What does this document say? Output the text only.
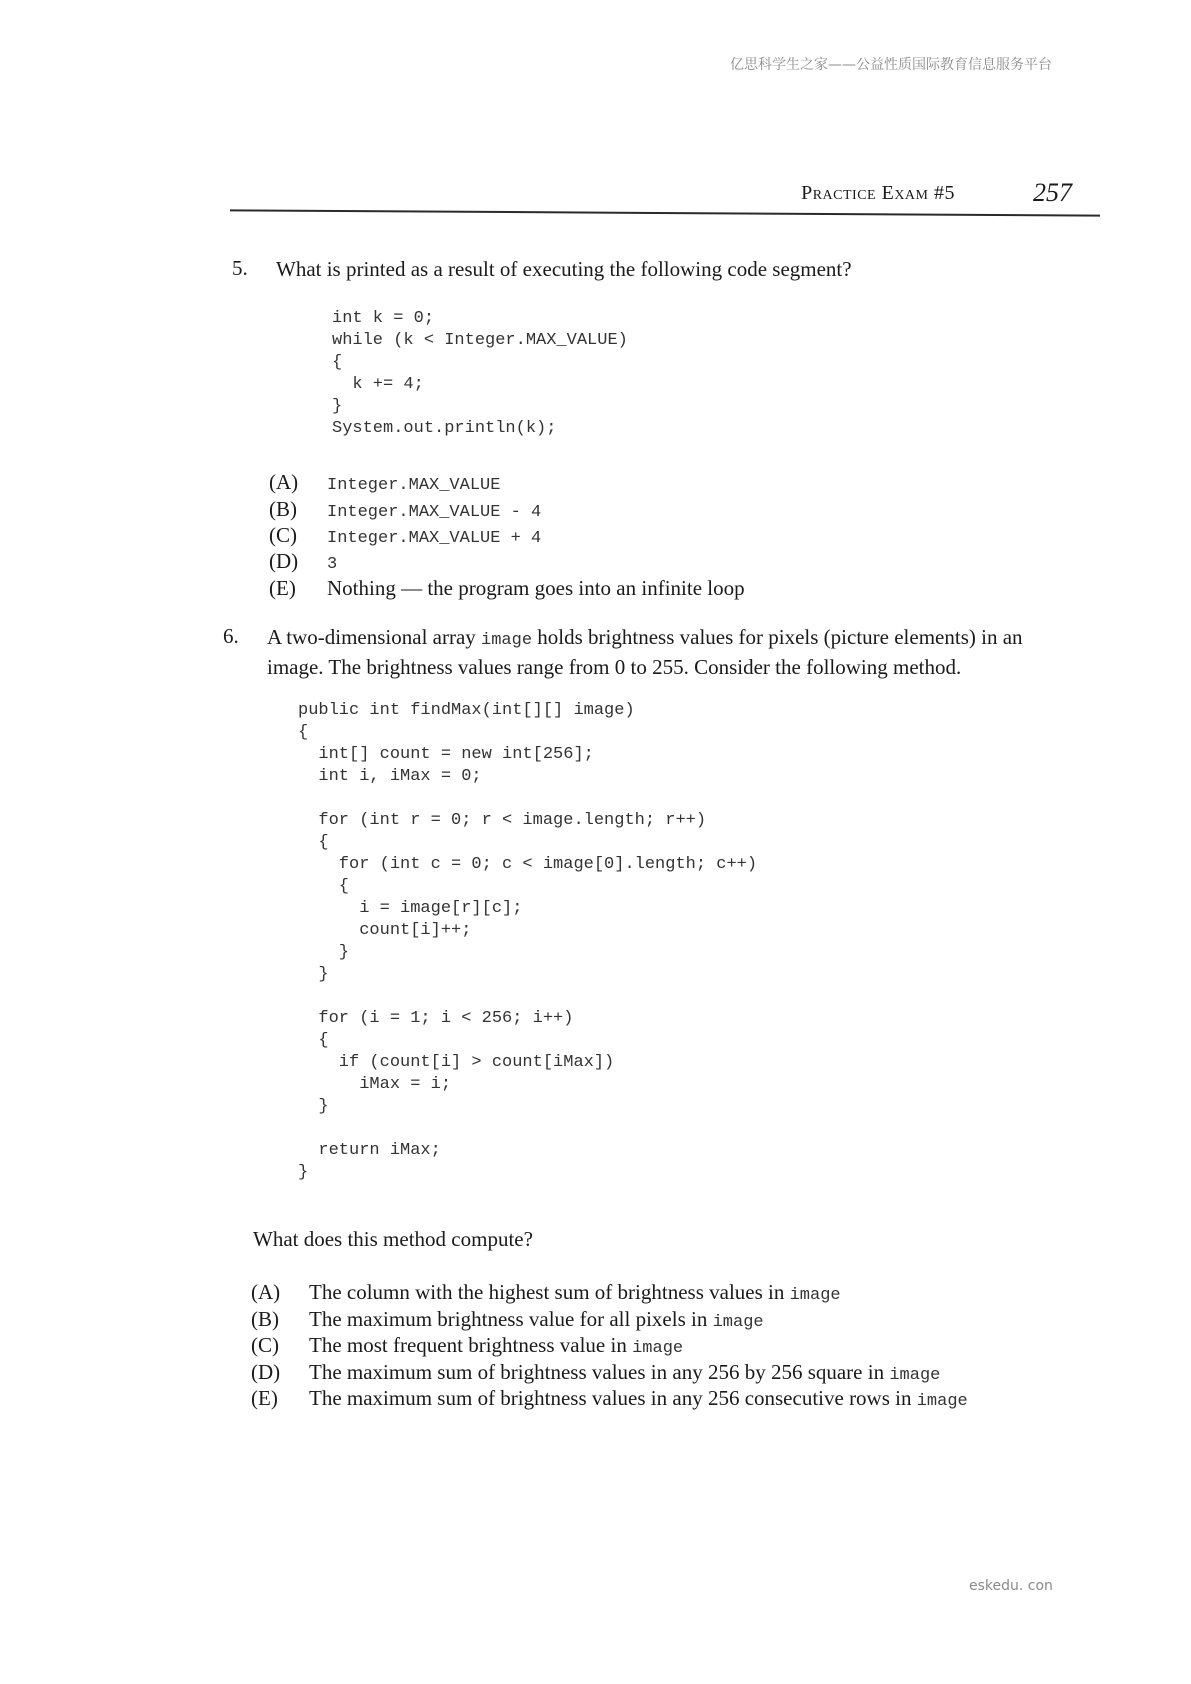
亿思科学生之家——公益性质国际教育信息服务平台
Practice Exam #5	257
5. What is printed as a result of executing the following code segment?
int k = 0;
while (k < Integer.MAX_VALUE)
{
k += 4;
}
System.out.println(k);
(A) Integer.MAX_VALUE
(B) Integer.MAX_VALUE - 4
(C) Integer.MAX_VALUE + 4
(D) 3
(E) Nothing — the program goes into an infinite loop
6. A two-dimensional array image holds brightness values for pixels (picture elements) in an
image. The brightness values range from 0 to 255. Consider the following method.
public int findMax(int[][] image)
{
int[] count = new int[256];
int i, iMax = 0;

for (int r = 0; r < image.length; r++)
{
for (int c = 0; c < image[0].length; c++)
{
i = image[r][c];
count[i]++;
}
}

for (i = 1; i < 256; i++)
{
if (count[i] > count[iMax])
iMax = i;
}

return iMax;
}
What does this method compute?
(A) The column with the highest sum of brightness values in image
(B) The maximum brightness value for all pixels in image
(C) The most frequent brightness value in image
(D) The maximum sum of brightness values in any 256 by 256 square in image
(E) The maximum sum of brightness values in any 256 consecutive rows in image
eskedu. con
